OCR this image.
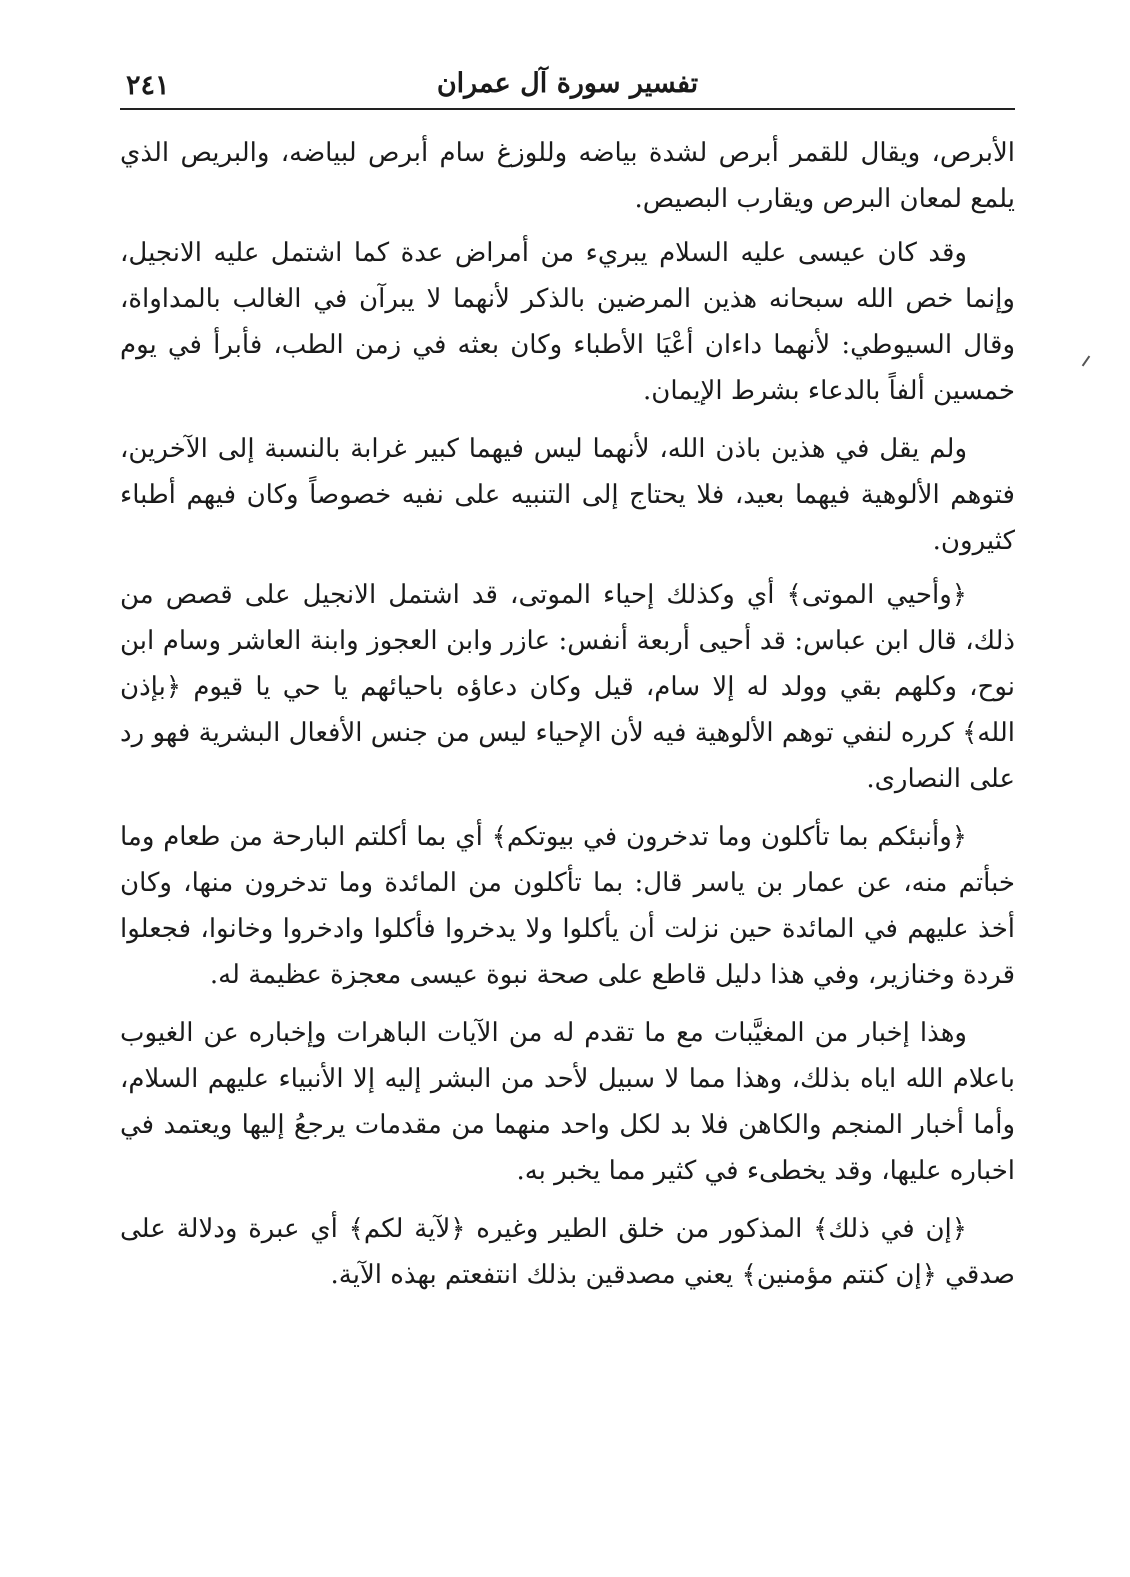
تفسير سورة آل عمران
٢٤١

الأبرص، ويقال للقمر أبرص لشدة بياضه وللوزغ سام أبرص لبياضه، والبريص الذي يلمع لمعان البرص ويقارب البصيص.

وقد كان عيسى عليه السلام يبريء من أمراض عدة كما اشتمل عليه الانجيل، وإنما خص الله سبحانه هذين المرضين بالذكر لأنهما لا يبرآن في الغالب بالمداواة، وقال السيوطي: لأنهما داءان أعْيَا الأطباء وكان بعثه في زمن الطب، فأبرأ في يوم خمسين ألفاً بالدعاء بشرط الإيمان.

ولم يقل في هذين باذن الله، لأنهما ليس فيهما كبير غرابة بالنسبة إلى الآخرين، فتوهم الألوهية فيهما بعيد، فلا يحتاج إلى التنبيه على نفيه خصوصاً وكان فيهم أطباء كثيرون.

﴿وأحيي الموتى﴾ أي وكذلك إحياء الموتى، قد اشتمل الانجيل على قصص من ذلك، قال ابن عباس: قد أحيى أربعة أنفس: عازر وابن العجوز وابنة العاشر وسام ابن نوح، وكلهم بقي وولد له إلا سام، قيل وكان دعاؤه باحيائهم يا حي يا قيوم ﴿بإذن الله﴾ كرره لنفي توهم الألوهية فيه لأن الإحياء ليس من جنس الأفعال البشرية فهو رد على النصارى.

﴿وأنبئكم بما تأكلون وما تدخرون في بيوتكم﴾ أي بما أكلتم البارحة من طعام وما خبأتم منه، عن عمار بن ياسر قال: بما تأكلون من المائدة وما تدخرون منها، وكان أخذ عليهم في المائدة حين نزلت أن يأكلوا ولا يدخروا فأكلوا وادخروا وخانوا، فجعلوا قردة وخنازير، وفي هذا دليل قاطع على صحة نبوة عيسى معجزة عظيمة له.

وهذا إخبار من المغيَّبات مع ما تقدم له من الآيات الباهرات وإخباره عن الغيوب باعلام الله اياه بذلك، وهذا مما لا سبيل لأحد من البشر إليه إلا الأنبياء عليهم السلام، وأما أخبار المنجم والكاهن فلا بد لكل واحد منهما من مقدمات يرجعُ إليها ويعتمد في اخباره عليها، وقد يخطىء في كثير مما يخبر به.

﴿إن في ذلك﴾ المذكور من خلق الطير وغيره ﴿لآية لكم﴾ أي عبرة ودلالة على صدقي ﴿إن كنتم مؤمنين﴾ يعني مصدقين بذلك انتفعتم بهذه الآية.
